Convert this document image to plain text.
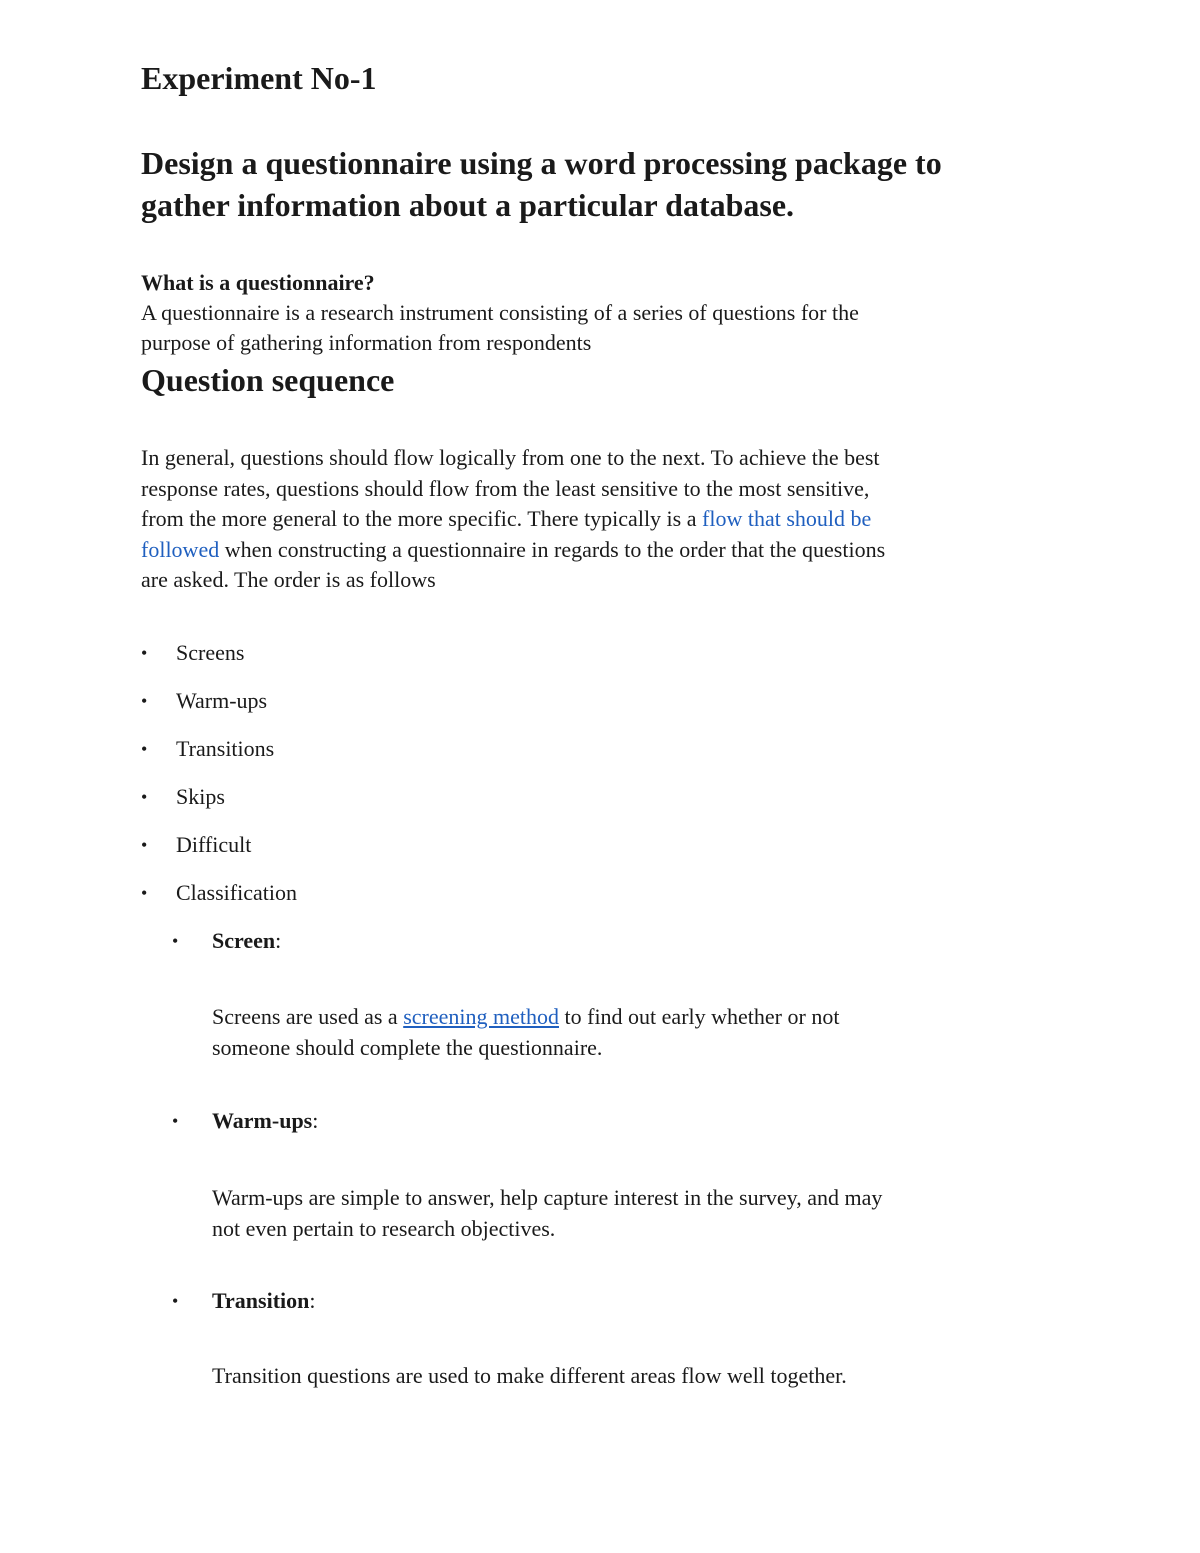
Experiment No-1
Design a questionnaire using a word processing package to
gather information about a particular database.
What is a questionnaire?
A questionnaire is a research instrument consisting of a series of questions for the
purpose of gathering information from respondents
Question sequence
In general, questions should flow logically from one to the next. To achieve the best
response rates, questions should flow from the least sensitive to the most sensitive,
from the more general to the more specific. There typically is a flow that should be
followed when constructing a questionnaire in regards to the order that the questions
are asked. The order is as follows
• Screens
• Warm-ups
• Transitions
• Skips
• Difficult
• Classification
• Screen:
Screens are used as a screening method to find out early whether or not
someone should complete the questionnaire.
• Warm-ups:
Warm-ups are simple to answer, help capture interest in the survey, and may
not even pertain to research objectives.
• Transition:
Transition questions are used to make different areas flow well together.
